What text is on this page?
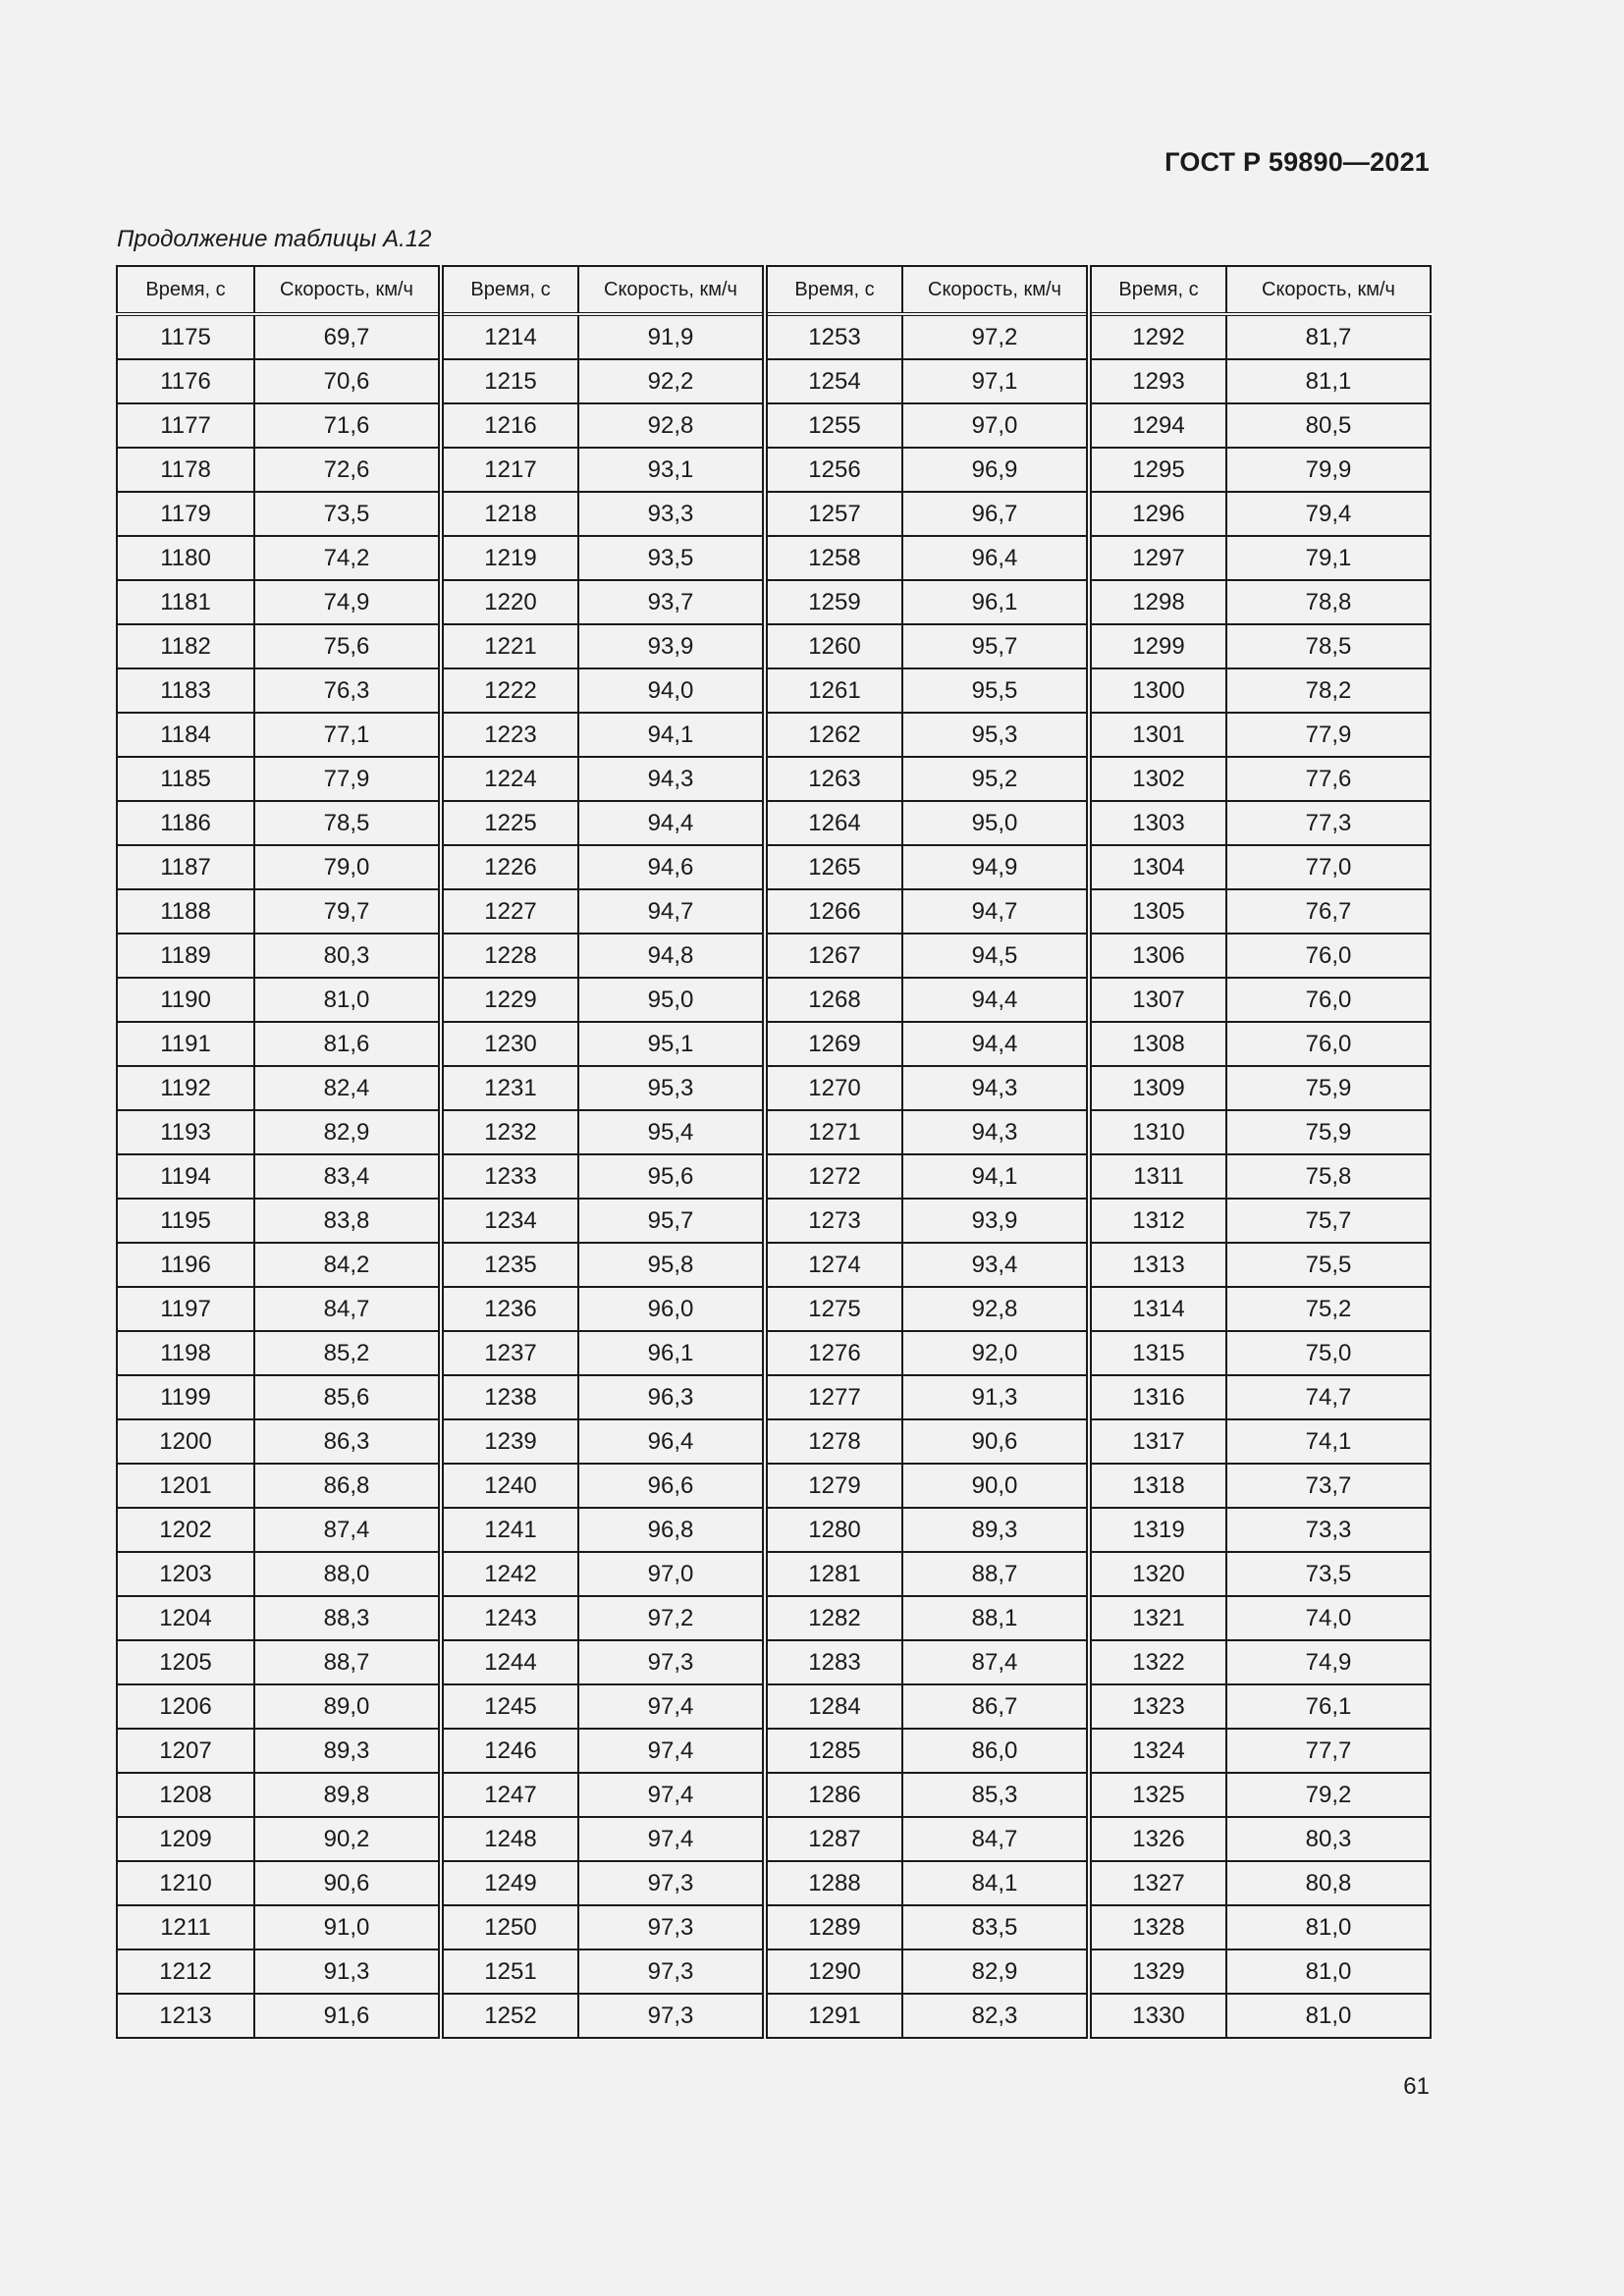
ГОСТ Р 59890—2021
Продолжение таблицы А.12
Время, с	Скорость, км/ч	Время, с	Скорость, км/ч	Время, с	Скорость, км/ч	Время, с	Скорость, км/ч
1175	69,7	1214	91,9	1253	97,2	1292	81,7
1176	70,6	1215	92,2	1254	97,1	1293	81,1
1177	71,6	1216	92,8	1255	97,0	1294	80,5
1178	72,6	1217	93,1	1256	96,9	1295	79,9
1179	73,5	1218	93,3	1257	96,7	1296	79,4
1180	74,2	1219	93,5	1258	96,4	1297	79,1
1181	74,9	1220	93,7	1259	96,1	1298	78,8
1182	75,6	1221	93,9	1260	95,7	1299	78,5
1183	76,3	1222	94,0	1261	95,5	1300	78,2
1184	77,1	1223	94,1	1262	95,3	1301	77,9
1185	77,9	1224	94,3	1263	95,2	1302	77,6
1186	78,5	1225	94,4	1264	95,0	1303	77,3
1187	79,0	1226	94,6	1265	94,9	1304	77,0
1188	79,7	1227	94,7	1266	94,7	1305	76,7
1189	80,3	1228	94,8	1267	94,5	1306	76,0
1190	81,0	1229	95,0	1268	94,4	1307	76,0
1191	81,6	1230	95,1	1269	94,4	1308	76,0
1192	82,4	1231	95,3	1270	94,3	1309	75,9
1193	82,9	1232	95,4	1271	94,3	1310	75,9
1194	83,4	1233	95,6	1272	94,1	1311	75,8
1195	83,8	1234	95,7	1273	93,9	1312	75,7
1196	84,2	1235	95,8	1274	93,4	1313	75,5
1197	84,7	1236	96,0	1275	92,8	1314	75,2
1198	85,2	1237	96,1	1276	92,0	1315	75,0
1199	85,6	1238	96,3	1277	91,3	1316	74,7
1200	86,3	1239	96,4	1278	90,6	1317	74,1
1201	86,8	1240	96,6	1279	90,0	1318	73,7
1202	87,4	1241	96,8	1280	89,3	1319	73,3
1203	88,0	1242	97,0	1281	88,7	1320	73,5
1204	88,3	1243	97,2	1282	88,1	1321	74,0
1205	88,7	1244	97,3	1283	87,4	1322	74,9
1206	89,0	1245	97,4	1284	86,7	1323	76,1
1207	89,3	1246	97,4	1285	86,0	1324	77,7
1208	89,8	1247	97,4	1286	85,3	1325	79,2
1209	90,2	1248	97,4	1287	84,7	1326	80,3
1210	90,6	1249	97,3	1288	84,1	1327	80,8
1211	91,0	1250	97,3	1289	83,5	1328	81,0
1212	91,3	1251	97,3	1290	82,9	1329	81,0
1213	91,6	1252	97,3	1291	82,3	1330	81,0
61
